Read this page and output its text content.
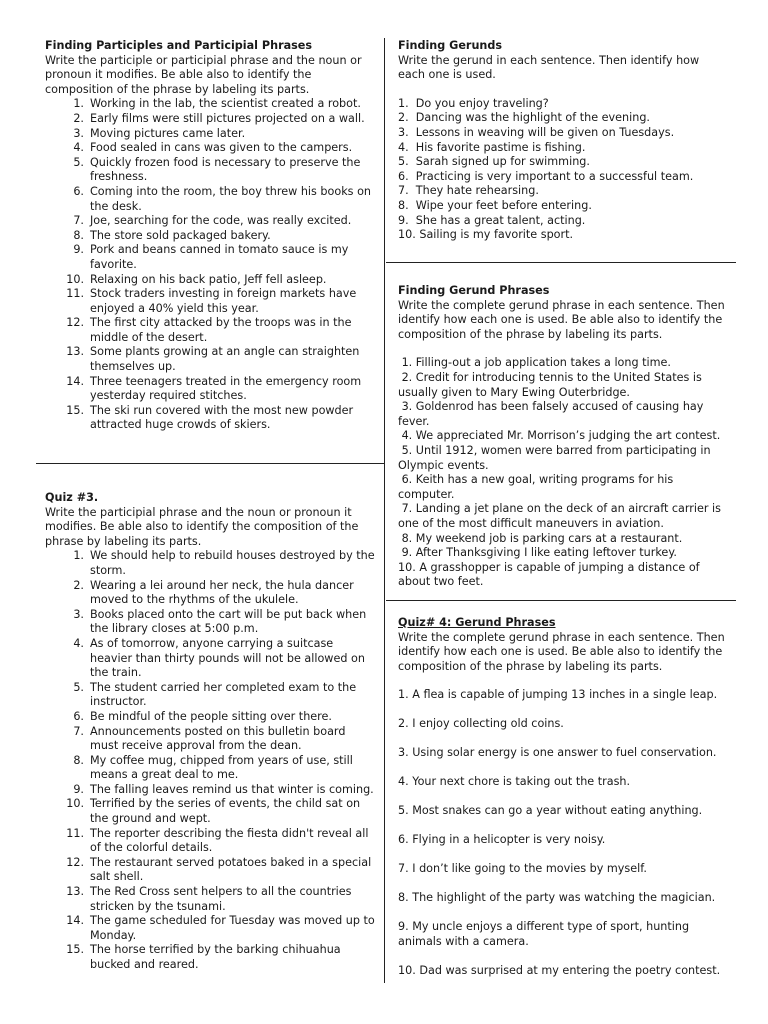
Finding Participles and Participial Phrases

Write the participle or participial phrase and the noun or pronoun it modifies. Be able also to identify the composition of the phrase by labeling its parts.

1. Working in the lab, the scientist created a robot.
2. Early films were still pictures projected on a wall.
3. Moving pictures came later.
4. Food sealed in cans was given to the campers.
5. Quickly frozen food is necessary to preserve the freshness.
6. Coming into the room, the boy threw his books on the desk.
7. Joe, searching for the code, was really excited.
8. The store sold packaged bakery.
9. Pork and beans canned in tomato sauce is my favorite.
10. Relaxing on his back patio, Jeff fell asleep.
11. Stock traders investing in foreign markets have enjoyed a 40% yield this year.
12. The first city attacked by the troops was in the middle of the desert.
13. Some plants growing at an angle can straighten themselves up.
14. Three teenagers treated in the emergency room yesterday required stitches.
15. The ski run covered with the most new powder attracted huge crowds of skiers.
Quiz #3.

Write the participial phrase and the noun or pronoun it modifies. Be able also to identify the composition of the phrase by labeling its parts.

1. We should help to rebuild houses destroyed by the storm.
2. Wearing a lei around her neck, the hula dancer moved to the rhythms of the ukulele.
3. Books placed onto the cart will be put back when the library closes at 5:00 p.m.
4. As of tomorrow, anyone carrying a suitcase heavier than thirty pounds will not be allowed on the train.
5. The student carried her completed exam to the instructor.
6. Be mindful of the people sitting over there.
7. Announcements posted on this bulletin board must receive approval from the dean.
8. My coffee mug, chipped from years of use, still means a great deal to me.
9. The falling leaves remind us that winter is coming.
10. Terrified by the series of events, the child sat on the ground and wept.
11. The reporter describing the fiesta didn't reveal all of the colorful details.
12. The restaurant served potatoes baked in a special salt shell.
13. The Red Cross sent helpers to all the countries stricken by the tsunami.
14. The game scheduled for Tuesday was moved up to Monday.
15. The horse terrified by the barking chihuahua bucked and reared.
Finding Gerunds

Write the gerund in each sentence. Then identify how each one is used.

1.  Do you enjoy traveling?
2.  Dancing was the highlight of the evening.
3.  Lessons in weaving will be given on Tuesdays.
4.  His favorite pastime is fishing.
5.  Sarah signed up for swimming.
6.  Practicing is very important to a successful team.
7.  They hate rehearsing.
8.  Wipe your feet before entering.
9.  She has a great talent, acting.
10. Sailing is my favorite sport.
Finding Gerund Phrases

Write the complete gerund phrase in each sentence. Then identify how each one is used. Be able also to identify the composition of the phrase by labeling its parts.

1. Filling-out a job application takes a long time.
2. Credit for introducing tennis to the United States is usually given to Mary Ewing Outerbridge.
3. Goldenrod has been falsely accused of causing hay fever.
4. We appreciated Mr. Morrison’s judging the art contest.
5. Until 1912, women were barred from participating in Olympic events.
6. Keith has a new goal, writing programs for his computer.
7. Landing a jet plane on the deck of an aircraft carrier is one of the most difficult maneuvers in aviation.
8. My weekend job is parking cars at a restaurant.
9. After Thanksgiving I like eating leftover turkey.
10. A grasshopper is capable of jumping a distance of about two feet.
Quiz# 4: Gerund Phrases

Write the complete gerund phrase in each sentence. Then identify how each one is used. Be able also to identify the composition of the phrase by labeling its parts.

1. A flea is capable of jumping 13 inches in a single leap.
2. I enjoy collecting old coins.
3. Using solar energy is one answer to fuel conservation.
4. Your next chore is taking out the trash.
5. Most snakes can go a year without eating anything.
6. Flying in a helicopter is very noisy.
7. I don’t like going to the movies by myself.
8. The highlight of the party was watching the magician.
9. My uncle enjoys a different type of sport, hunting animals with a camera.
10. Dad was surprised at my entering the poetry contest.
